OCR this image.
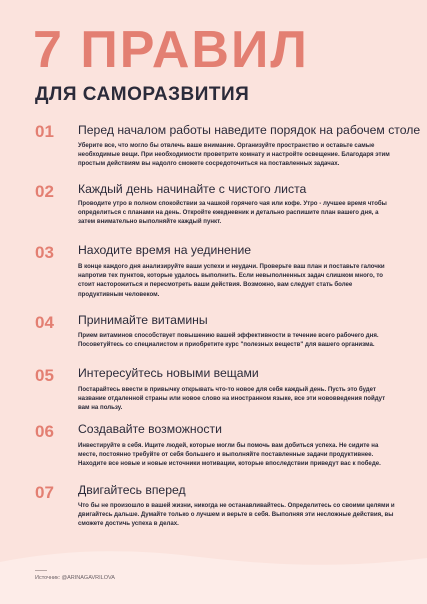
7 ПРАВИЛ
ДЛЯ САМОРАЗВИТИЯ
01 Перед началом работы наведите порядок на рабочем столе
Уберите все, что могло бы отвлечь ваше внимание. Организуйте пространство и оставьте самые необходимые вещи. При необходимости проветрите комнату и настройте освещение. Благодаря этим простым действиям вы надолго сможете сосредоточиться на поставленных задачах.
02 Каждый день начинайте с чистого листа
Проводите утро в полном спокойствии за чашкой горячего чая или кофе. Утро - лучшее время чтобы определиться с планами на день. Откройте ежедневник и детально распишите план вашего дня, а затем внимательно выполняйте каждый пункт.
03 Находите время на уединение
В конце каждого дня анализируйте ваши успехи и неудачи. Проверьте ваш план и поставьте галочки напротив тех пунктов, которые удалось выполнить. Если невыполненных задач слишком много, то стоит насторожиться и пересмотреть ваши действия. Возможно, вам следует стать более продуктивным человеком.
04 Принимайте витамины
Прием витаминов способствует повышению вашей эффективности в течение всего рабочего дня. Посоветуйтесь со специалистом и приобретите курс "полезных веществ" для вашего организма.
05 Интересуйтесь новыми вещами
Постарайтесь ввести в привычку открывать что-то новое для себя каждый день. Пусть это будет название отдаленной страны или новое слово на иностранном языке, все эти нововведения пойдут вам на пользу.
06 Создавайте возможности
Инвестируйте в себя. Ищите людей, которые могли бы помочь вам добиться успеха. Не сидите на месте, постоянно требуйте от себя большего и выполняйте поставленные задачи продуктивнее. Находите все новые и новые источники мотивации, которые впоследствии приведут вас к победе.
07 Двигайтесь вперед
Что бы не произошло в вашей жизни, никогда не останавливайтесь. Определитесь со своими целями и двигайтесь дальше. Думайте только о лучшем и верьте в себя. Выполняя эти несложные действия, вы сможете достичь успеха в делах.
Источник: @ARINAGAVRILOVA
